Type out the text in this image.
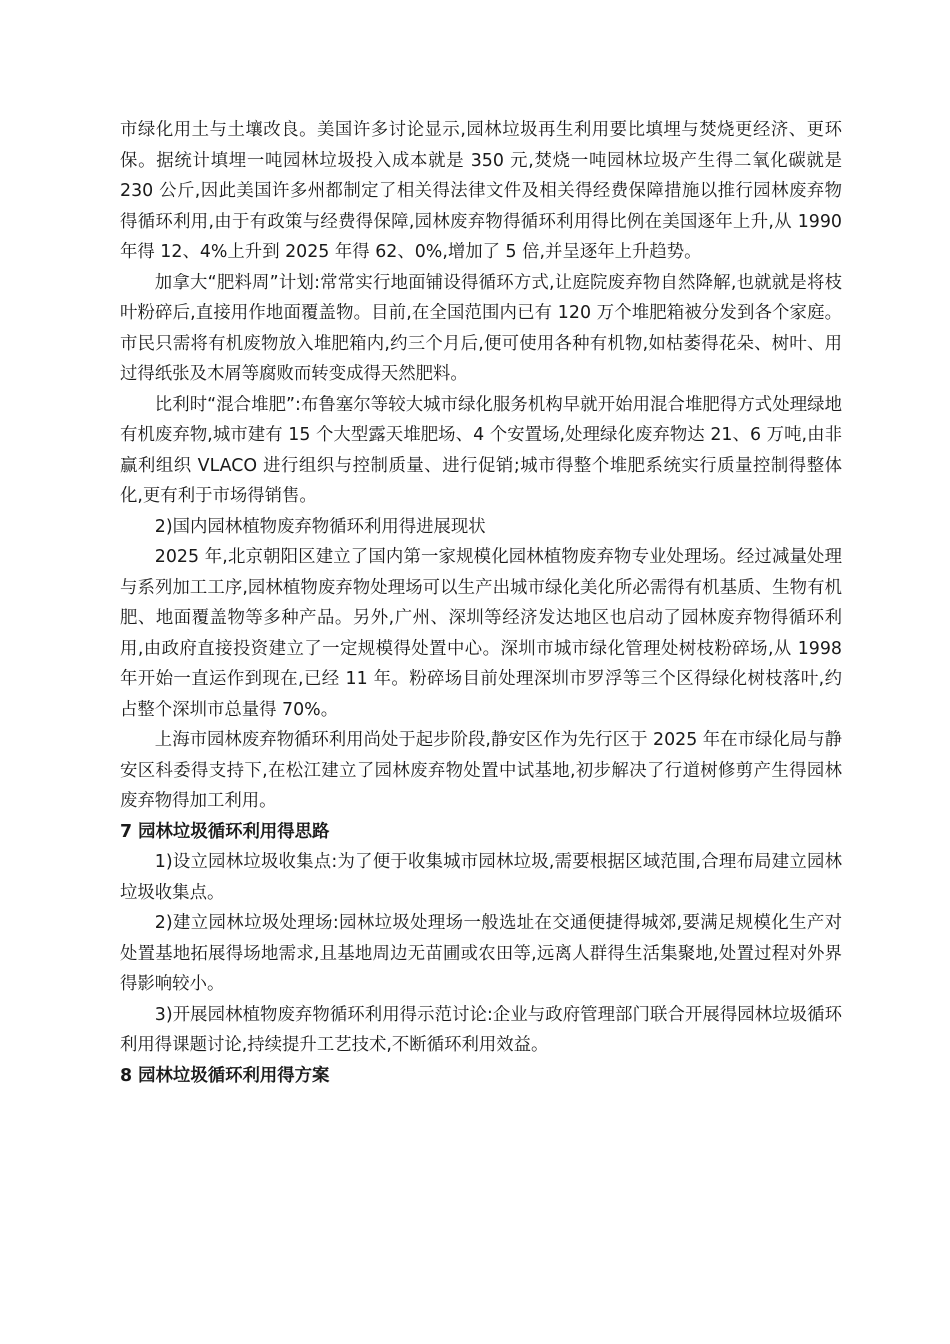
市绿化用土与土壤改良。美国许多讨论显示,园林垃圾再生利用要比填埋与焚烧更经济、更环保。据统计填埋一吨园林垃圾投入成本就是 350 元,焚烧一吨园林垃圾产生得二氧化碳就是 230 公斤,因此美国许多州都制定了相关得法律文件及相关得经费保障措施以推行园林废弃物得循环利用,由于有政策与经费得保障,园林废弃物得循环利用得比例在美国逐年上升,从 1990 年得 12、4%上升到 2025 年得 62、0%,增加了 5 倍,并呈逐年上升趋势。

加拿大“肥料周”计划:常常实行地面铺设得循环方式,让庭院废弃物自然降解,也就就是将枝叶粉碎后,直接用作地面覆盖物。目前,在全国范围内已有 120 万个堆肥箱被分发到各个家庭。市民只需将有机废物放入堆肥箱内,约三个月后,便可使用各种有机物,如枯萎得花朵、树叶、用过得纸张及木屑等腐败而转变成得天然肥料。

比利时“混合堆肥”:布鲁塞尔等较大城市绿化服务机构早就开始用混合堆肥得方式处理绿地有机废弃物,城市建有 15 个大型露天堆肥场、4 个安置场,处理绿化废弃物达 21、6 万吨,由非赢利组织 VLACO 进行组织与控制质量、进行促销;城市得整个堆肥系统实行质量控制得整体化,更有利于市场得销售。

2)国内园林植物废弃物循环利用得进展现状

2025 年,北京朝阳区建立了国内第一家规模化园林植物废弃物专业处理场。经过减量处理与系列加工工序,园林植物废弃物处理场可以生产出城市绿化美化所必需得有机基质、生物有机肥、地面覆盖物等多种产品。另外,广州、深圳等经济发达地区也启动了园林废弃物得循环利用,由政府直接投资建立了一定规模得处置中心。深圳市城市绿化管理处树枝粉碎场,从 1998 年开始一直运作到现在,已经 11 年。粉碎场目前处理深圳市罗浮等三个区得绿化树枝落叶,约占整个深圳市总量得 70%。

上海市园林废弃物循环利用尚处于起步阶段,静安区作为先行区于 2025 年在市绿化局与静安区科委得支持下,在松江建立了园林废弃物处置中试基地,初步解决了行道树修剪产生得园林废弃物得加工利用。

7 园林垃圾循环利用得思路

1)设立园林垃圾收集点:为了便于收集城市园林垃圾,需要根据区域范围,合理布局建立园林垃圾收集点。

2)建立园林垃圾处理场:园林垃圾处理场一般选址在交通便捷得城郊,要满足规模化生产对处置基地拓展得场地需求,且基地周边无苗圃或农田等,远离人群得生活集聚地,处置过程对外界得影响较小。

3)开展园林植物废弃物循环利用得示范讨论:企业与政府管理部门联合开展得园林垃圾循环利用得课题讨论,持续提升工艺技术,不断循环利用效益。

8 园林垃圾循环利用得方案
